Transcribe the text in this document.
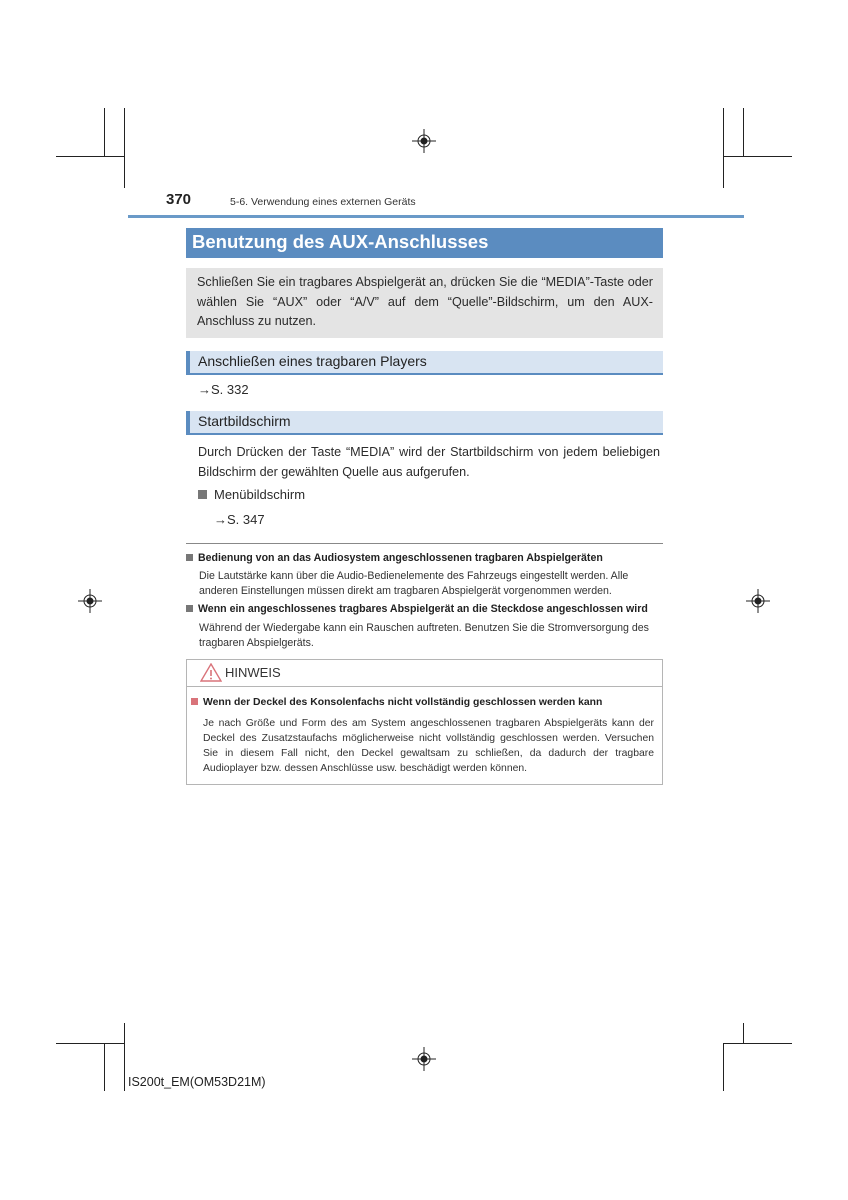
370	5-6. Verwendung eines externen Geräts
Benutzung des AUX-Anschlusses
Schließen Sie ein tragbares Abspielgerät an, drücken Sie die “MEDIA”-Taste oder wählen Sie “AUX” oder “A/V” auf dem “Quelle”-Bildschirm, um den AUX-Anschluss zu nutzen.
Anschließen eines tragbaren Players
→S. 332
Startbildschirm
Durch Drücken der Taste “MEDIA” wird der Startbildschirm von jedem beliebigen Bildschirm der gewählten Quelle aus aufgerufen.
Menübildschirm
→S. 347
Bedienung von an das Audiosystem angeschlossenen tragbaren Abspielgeräten
Die Lautstärke kann über die Audio-Bedienelemente des Fahrzeugs eingestellt werden. Alle anderen Einstellungen müssen direkt am tragbaren Abspielgerät vorgenommen werden.
Wenn ein angeschlossenes tragbares Abspielgerät an die Steckdose angeschlossen wird
Während der Wiedergabe kann ein Rauschen auftreten. Benutzen Sie die Stromversorgung des tragbaren Abspielgeräts.
HINWEIS
Wenn der Deckel des Konsolenfachs nicht vollständig geschlossen werden kann
Je nach Größe und Form des am System angeschlossenen tragbaren Abspielgeräts kann der Deckel des Zusatzstaufachs möglicherweise nicht vollständig geschlossen werden. Versuchen Sie in diesem Fall nicht, den Deckel gewaltsam zu schließen, da dadurch der tragbare Audioplayer bzw. dessen Anschlüsse usw. beschädigt werden können.
IS200t_EM(OM53D21M)
